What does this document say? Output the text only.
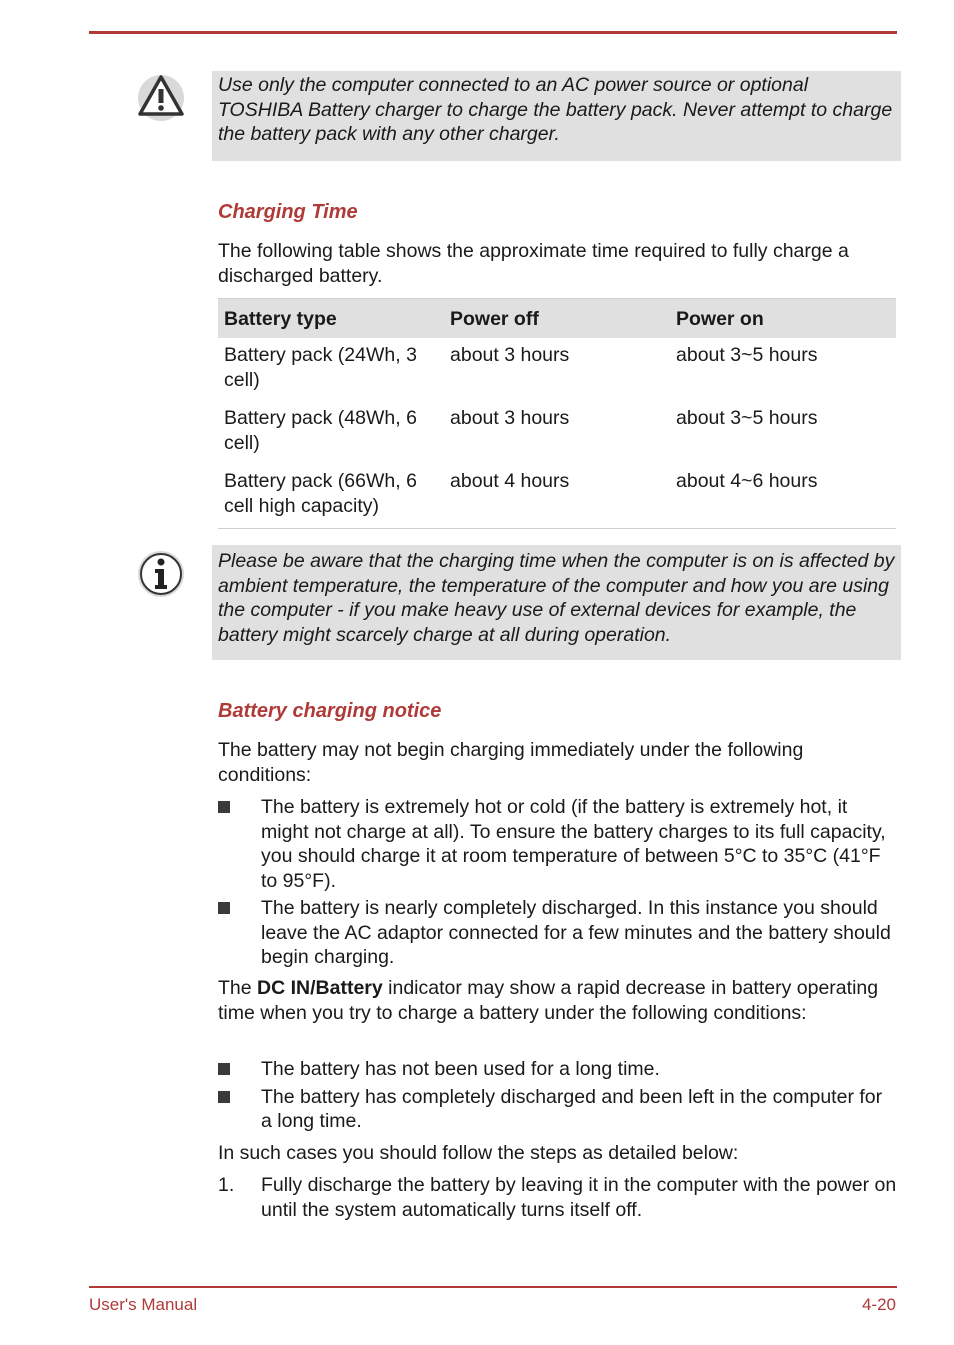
Use only the computer connected to an AC power source or optional TOSHIBA Battery charger to charge the battery pack. Never attempt to charge the battery pack with any other charger.
Charging Time
The following table shows the approximate time required to fully charge a discharged battery.
Battery type	Power off	Power on
Battery pack (24Wh, 3 cell)	about 3 hours	about 3~5 hours
Battery pack (48Wh, 6 cell)	about 3 hours	about 3~5 hours
Battery pack (66Wh, 6 cell high capacity)	about 4 hours	about 4~6 hours
Please be aware that the charging time when the computer is on is affected by ambient temperature, the temperature of the computer and how you are using the computer - if you make heavy use of external devices for example, the battery might scarcely charge at all during operation.
Battery charging notice
The battery may not begin charging immediately under the following conditions:
The battery is extremely hot or cold (if the battery is extremely hot, it might not charge at all). To ensure the battery charges to its full capacity, you should charge it at room temperature of between 5°C to 35°C (41°F to 95°F).
The battery is nearly completely discharged. In this instance you should leave the AC adaptor connected for a few minutes and the battery should begin charging.
The DC IN/Battery indicator may show a rapid decrease in battery operating time when you try to charge a battery under the following conditions:
The battery has not been used for a long time.
The battery has completely discharged and been left in the computer for a long time.
In such cases you should follow the steps as detailed below:
1. Fully discharge the battery by leaving it in the computer with the power on until the system automatically turns itself off.
User's Manual	4-20
